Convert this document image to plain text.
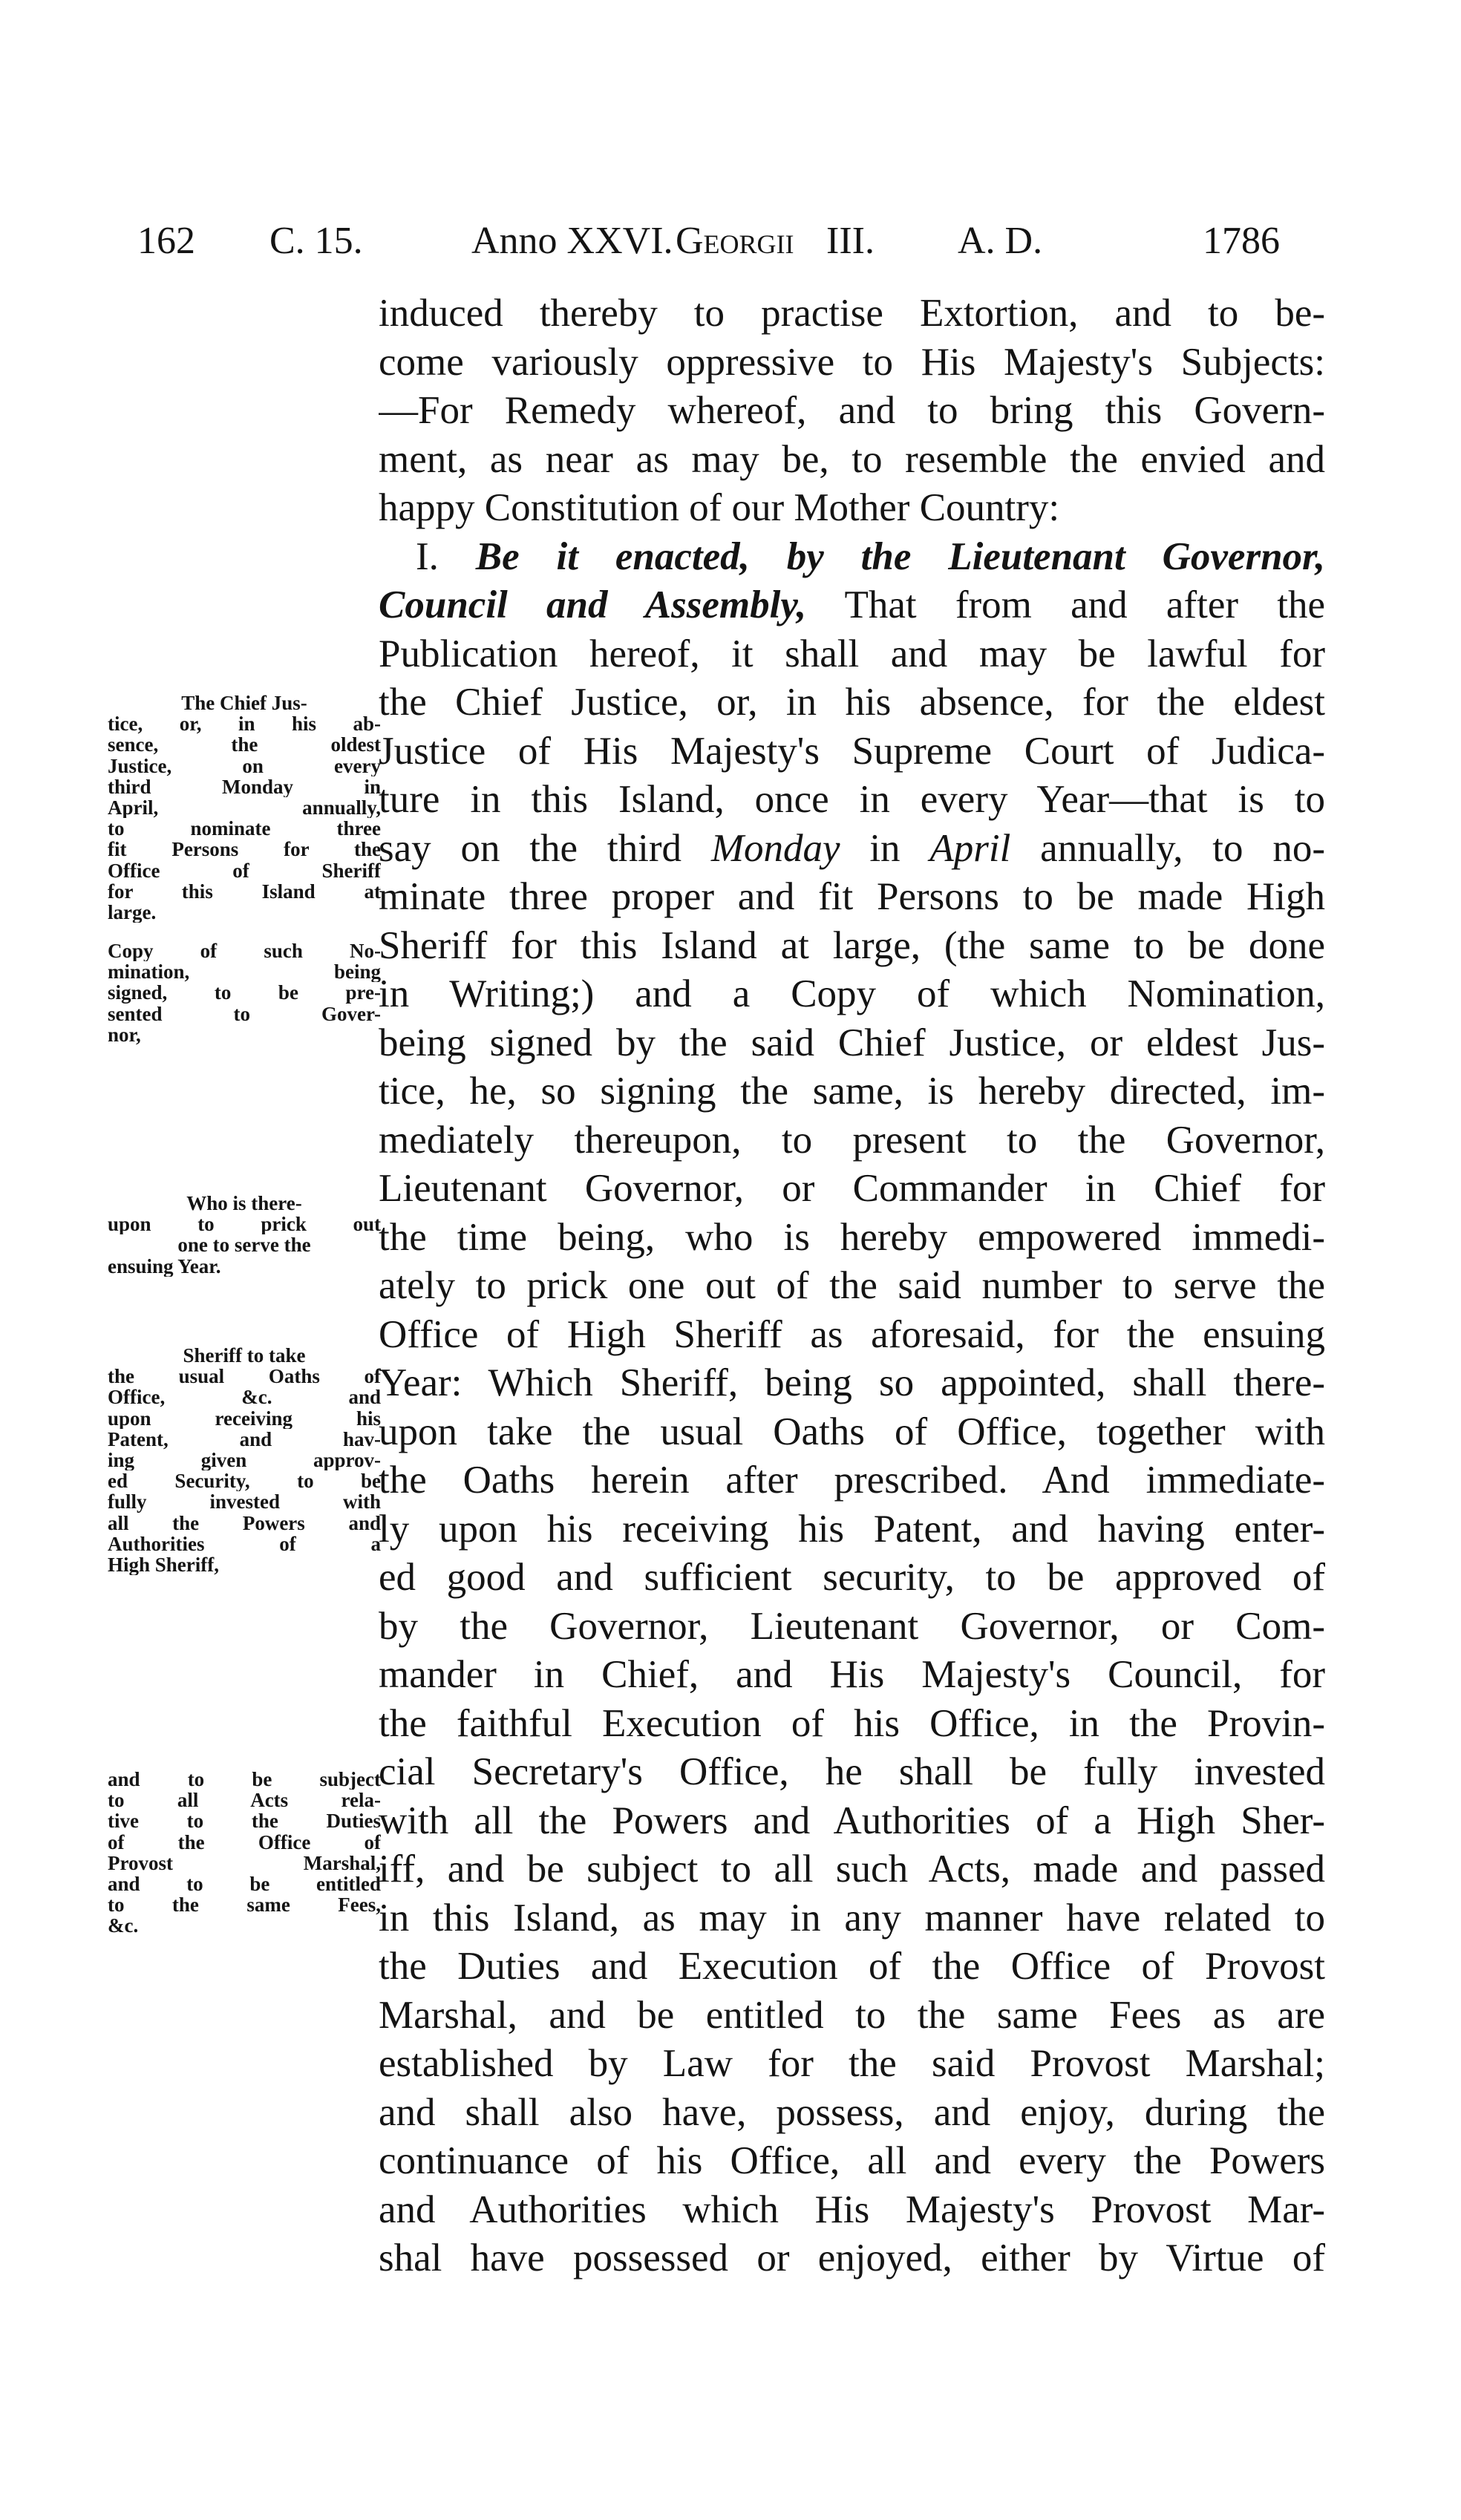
162 C. 15.	Anno XXVI. Georgii III. A. D.	1786
induced thereby to practise Extortion, and to be-
come variously oppressive to His Majesty's Subjects:
—For Remedy whereof, and to bring this Govern-
ment, as near as may be, to resemble the envied and
happy Constitution of our Mother Country:
I. Be it enacted, by the Lieutenant Governor,
Council and Assembly, That from and after the
Publication hereof, it shall and may be lawful for
the Chief Justice, or, in his absence, for the eldest
Justice of His Majesty's Supreme Court of Judica-
ture in this Island, once in every Year—that is to
say on the third Monday in April annually, to no-
minate three proper and fit Persons to be made High
Sheriff for this Island at large, (the same to be done
in Writing;) and a Copy of which Nomination,
being signed by the said Chief Justice, or eldest Jus-
tice, he, so signing the same, is hereby directed, im-
mediately thereupon, to present to the Governor,
Lieutenant Governor, or Commander in Chief for
the time being, who is hereby empowered immedi-
ately to prick one out of the said number to serve the
Office of High Sheriff as aforesaid, for the ensuing
Year: Which Sheriff, being so appointed, shall there-
upon take the usual Oaths of Office, together with
the Oaths herein after prescribed. And immediate-
ly upon his receiving his Patent, and having enter-
ed good and sufficient security, to be approved of
by the Governor, Lieutenant Governor, or Com-
mander in Chief, and His Majesty's Council, for
the faithful Execution of his Office, in the Provin-
cial Secretary's Office, he shall be fully invested
with all the Powers and Authorities of a High Sher-
iff, and be subject to all such Acts, made and passed
in this Island, as may in any manner have related to
the Duties and Execution of the Office of Provost
Marshal, and be entitled to the same Fees as are
established by Law for the said Provost Marshal;
and shall also have, possess, and enjoy, during the
continuance of his Office, all and every the Powers
and Authorities which His Majesty's Provost Mar-
shal have possessed or enjoyed, either by Virtue of
The Chief Jus-
tice, or, in his ab-
sence, the oldest
Justice, on every
third Monday in
April, annually,
to nominate three
fit Persons for the
Office of Sheriff
for this Island at
large.
Copy of such No-
mination, being
signed, to be pre-
sented to Gover-
nor,
Who is there-
upon to prick out
one to serve the
ensuing Year.
Sheriff to take
the usual Oaths of
Office, &c. and
upon receiving his
Patent, and hav-
ing given approv-
ed Security, to be
fully invested with
all the Powers and
Authorities of a
High Sheriff,
and to be subject
to all Acts rela-
tive to the Duties
of the Office of
Provost Marshal,
and to be entitled
to the same Fees,
&c.
